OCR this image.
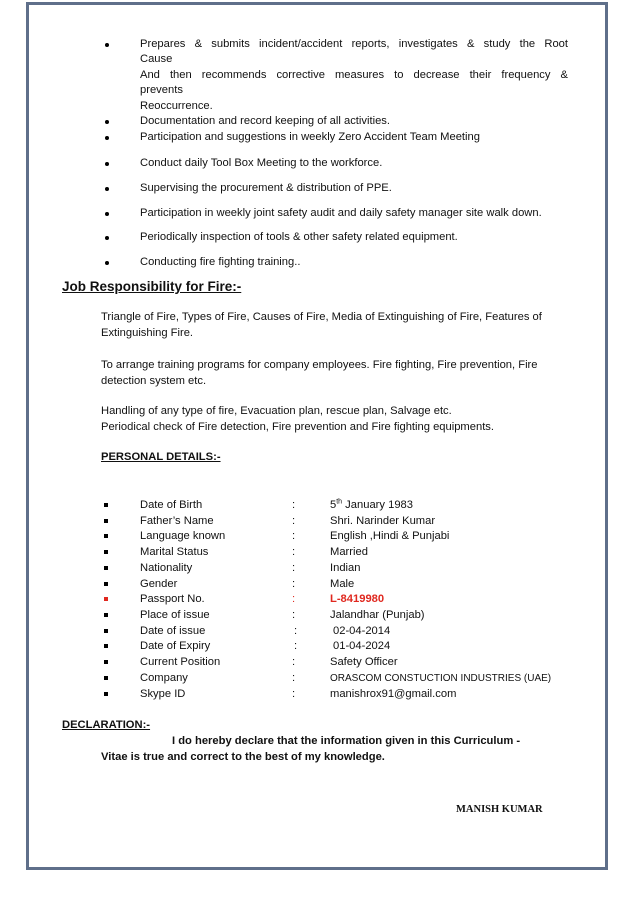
Prepares & submits incident/accident reports, investigates & study the Root
Cause
And then recommends corrective measures to decrease their frequency &
prevents
Reoccurrence.
Documentation and record keeping of all activities.
Participation and suggestions in weekly Zero Accident Team Meeting
Conduct daily Tool Box Meeting to the workforce.
Supervising the procurement & distribution of PPE.
Participation in weekly joint safety audit and daily safety manager site walk down.
Periodically inspection of tools & other safety related equipment.
Conducting fire fighting training..
Job Responsibility for Fire:-
Triangle of Fire, Types of Fire, Causes of Fire, Media of Extinguishing of Fire, Features of
Extinguishing Fire.
To arrange training programs for company employees. Fire fighting, Fire prevention, Fire
detection system etc.
Handling of any type of fire, Evacuation plan, rescue plan, Salvage etc.
Periodical check of Fire detection, Fire prevention and Fire fighting equipments.
PERSONAL DETAILS:-
Date of Birth	:	5th January 1983
Father’s Name	:	Shri. Narinder Kumar
Language known	:	English ,Hindi & Punjabi
Marital Status	:	Married
Nationality	:	Indian
Gender	:	Male
Passport No.	:	L-8419980
Place of issue	:	Jalandhar (Punjab)
Date of issue	:	02-04-2014
Date of Expiry	:	01-04-2024
Current Position	:	Safety Officer
Company	:	ORASCOM CONSTUCTION INDUSTRIES (UAE)
Skype ID	:	manishrox91@gmail.com
DECLARATION:-
I do hereby declare that the information given in this Curriculum -
Vitae is true and correct to the best of my knowledge.
MANISH KUMAR
